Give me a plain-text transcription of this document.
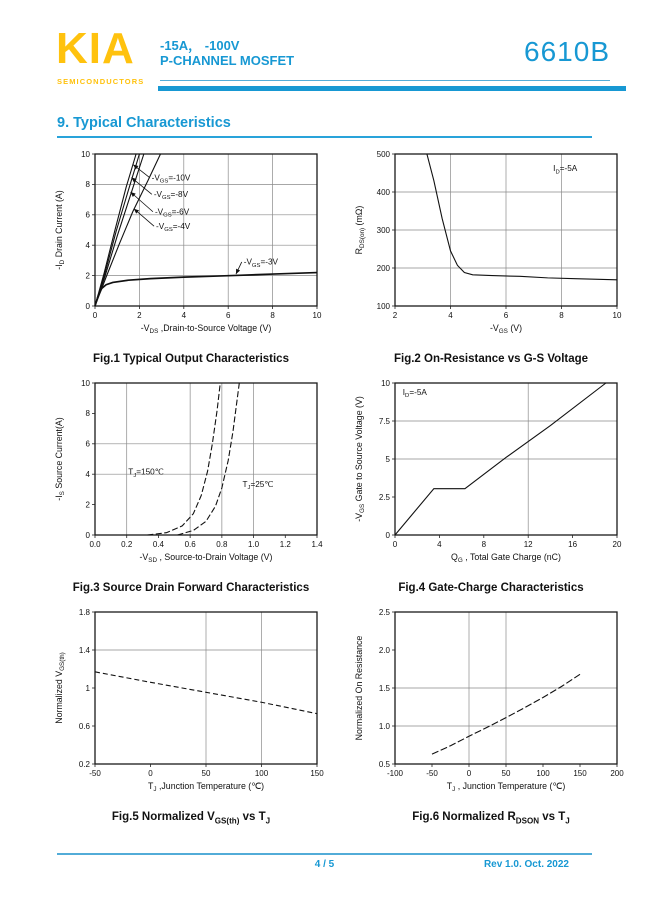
KIA
SEMICONDUCTORS
-15A， -100V
P-CHANNEL MOSFET	6610B
9. Typical Characteristics
0	2	4	6	8	10
0
2
4
6
8
10
$-V_{GS}=-10V$
$-V_{GS}=-8V$
$-V_{GS}=-6V$
$-V_{GS}=-4V$
$-V_{GS}=-3V$
$-V_{DS}$ ,Drain-to-Source Voltage (V)
$-I_D$ Drain Current (A)
Fig.1 Typical Output Characteristics
2	4	6	8	10
100
200
300
400
500
$I_D=-5A$
$-V_{GS}$ (V)
$R_{DS(on)}$ (mΩ)
Fig.2 On-Resistance vs G-S Voltage
0.0	0.2	0.4	0.6	0.8	1.0	1.2	1.4
0
2
4
6
8
10
$T_J=150℃$
$T_J=25℃$
$-V_{SD}$ , Source-to-Drain Voltage (V)
$-I_S$ Source Current(A)
Fig.3 Source Drain Forward Characteristics
0	4	8	12	16	20
0
2.5
5
7.5
10
$I_D=-5A$
$Q_G$ , Total Gate Charge (nC)
$-V_{GS}$ Gate to Source Voltage (V)
Fig.4 Gate-Charge Characteristics
-50	0	50	100	150
0.2
0.6
1
1.4
1.8
$T_J$ ,Junction Temperature (℃)
Normalized $V_{GS(th)}$
Fig.5 Normalized $V_{GS(th)}$ vs $T_J$
-100	-50	0	50	100	150	200
0.5
1.0
1.5
2.0
2.5
$T_J$ , Junction Temperature (℃)
Normalized On Resistance
Fig.6 Normalized $R_{DSON}$ vs $T_J$
4 / 5	Rev 1.0. Oct. 2022
